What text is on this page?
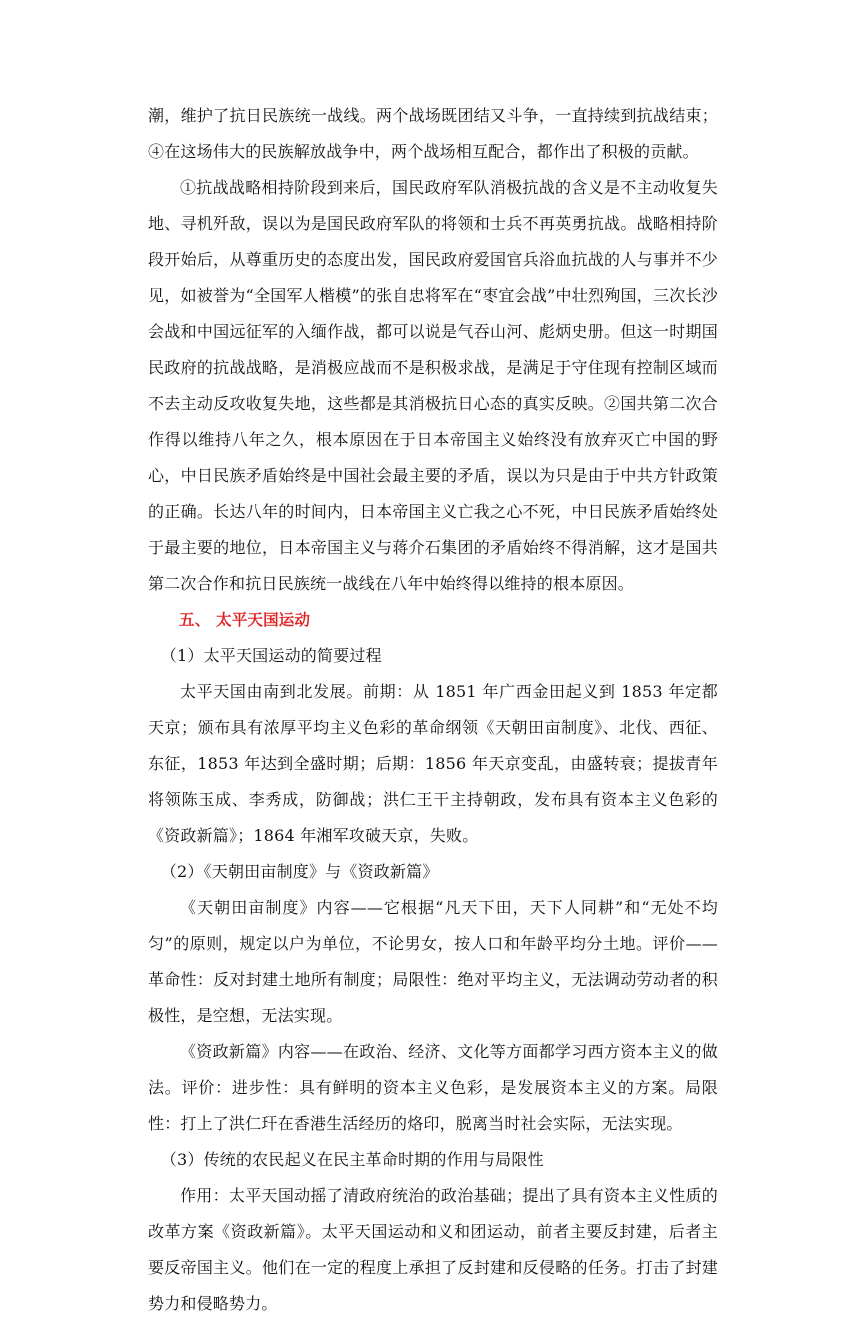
潮，维护了抗日民族统一战线。两个战场既团结又斗争，一直持续到抗战结束；④在这场伟大的民族解放战争中，两个战场相互配合，都作出了积极的贡献。

①抗战战略相持阶段到来后，国民政府军队消极抗战的含义是不主动收复失地、寻机歼敌，误以为是国民政府军队的将领和士兵不再英勇抗战。战略相持阶段开始后，从尊重历史的态度出发，国民政府爱国官兵浴血抗战的人与事并不少见，如被誉为“全国军人楷模”的张自忠将军在“枣宜会战”中壮烈殉国，三次长沙会战和中国远征军的入缅作战，都可以说是气吞山河、彪炳史册。但这一时期国民政府的抗战战略，是消极应战而不是积极求战，是满足于守住现有控制区域而不去主动反攻收复失地，这些都是其消极抗日心态的真实反映。②国共第二次合作得以维持八年之久，根本原因在于日本帝国主义始终没有放弃灭亡中国的野心，中日民族矛盾始终是中国社会最主要的矛盾，误以为只是由于中共方针政策的正确。长达八年的时间内，日本帝国主义亡我之心不死，中日民族矛盾始终处于最主要的地位，日本帝国主义与蒋介石集团的矛盾始终不得消解，这才是国共第二次合作和抗日民族统一战线在八年中始终得以维持的根本原因。

五、 太平天国运动

（1）太平天国运动的简要过程

太平天国由南到北发展。前期：从 1851 年广西金田起义到 1853 年定都天京；颁布具有浓厚平均主义色彩的革命纲领《天朝田亩制度》、北伐、西征、东征，1853 年达到全盛时期；后期：1856 年天京变乱，由盛转衰；提拔青年将领陈玉成、李秀成，防御战；洪仁王干主持朝政，发布具有资本主义色彩的《资政新篇》；1864 年湘军攻破天京，失败。

（2）《天朝田亩制度》与《资政新篇》

《天朝田亩制度》内容——它根据“凡天下田，天下人同耕”和“无处不均匀”的原则，规定以户为单位，不论男女，按人口和年龄平均分土地。评价——革命性：反对封建土地所有制度；局限性：绝对平均主义，无法调动劳动者的积极性，是空想，无法实现。

《资政新篇》内容——在政治、经济、文化等方面都学习西方资本主义的做法。评价：进步性：具有鲜明的资本主义色彩，是发展资本主义的方案。局限性：打上了洪仁玕在香港生活经历的烙印，脱离当时社会实际，无法实现。

（3）传统的农民起义在民主革命时期的作用与局限性

作用：太平天国动摇了清政府统治的政治基础；提出了具有资本主义性质的改革方案《资政新篇》。太平天国运动和义和团运动，前者主要反封建，后者主要反帝国主义。他们在一定的程度上承担了反封建和反侵略的任务。打击了封建势力和侵略势力。
